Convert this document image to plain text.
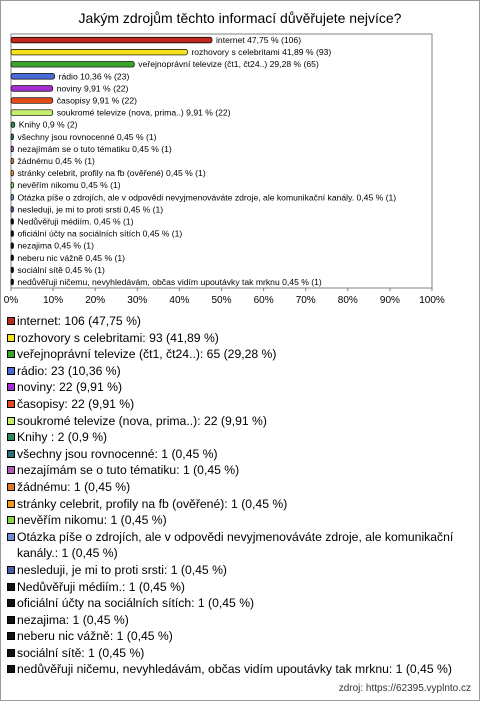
Jakým zdrojům těchto informací důvěřujete nejvíce?
0% 10% 20% 30% 40% 50% 60% 70% 80% 90% 100%
internet 47,75 % (106)
rozhovory s celebritami 41,89 % (93)
veřejnoprávní televize (čt1, čt24..) 29,28 % (65)
rádio 10,36 % (23)
noviny 9,91 % (22)
časopisy 9,91 % (22)
soukromé televize (nova, prima..) 9,91 % (22)
Knihy 0,9 % (2)
všechny jsou rovnocenné 0,45 % (1)
nezajímám se o tuto tématiku 0,45 % (1)
žádnému 0,45 % (1)
stránky celebrit, profily na fb (ověřené) 0,45 % (1)
nevěřím nikomu 0,45 % (1)
Otázka píše o zdrojích, ale v odpovědi nevyjmenováváte zdroje, ale komunikační kanály. 0,45 % (1)
nesleduji, je mi to proti srsti 0,45 % (1)
Nedůvěřuji médiím. 0,45 % (1)
oficiální účty na sociálních sítích 0,45 % (1)
nezajima 0,45 % (1)
neberu nic vážně 0,45 % (1)
sociální sítě 0,45 % (1)
nedůvěřuji ničemu, nevyhledávám, občas vidím upoutávky tak mrknu 0,45 % (1)
internet: 106 (47,75 %)
rozhovory s celebritami: 93 (41,89 %)
veřejnoprávní televize (čt1, čt24..): 65 (29,28 %)
rádio: 23 (10,36 %)
noviny: 22 (9,91 %)
časopisy: 22 (9,91 %)
soukromé televize (nova, prima..): 22 (9,91 %)
Knihy : 2 (0,9 %)
všechny jsou rovnocenné: 1 (0,45 %)
nezajímám se o tuto tématiku: 1 (0,45 %)
žádnému: 1 (0,45 %)
stránky celebrit, profily na fb (ověřené): 1 (0,45 %)
nevěřím nikomu: 1 (0,45 %)
Otázka píše o zdrojích, ale v odpovědi nevyjmenováváte zdroje, ale komunikační kanály.: 1 (0,45 %)
nesleduji, je mi to proti srsti: 1 (0,45 %)
Nedůvěřuji médiím.: 1 (0,45 %)
oficiální účty na sociálních sítích: 1 (0,45 %)
nezajima: 1 (0,45 %)
neberu nic vážně: 1 (0,45 %)
sociální sítě: 1 (0,45 %)
nedůvěřuji ničemu, nevyhledávám, občas vidím upoutávky tak mrknu: 1 (0,45 %)
zdroj: https://62395.vyplnto.cz
